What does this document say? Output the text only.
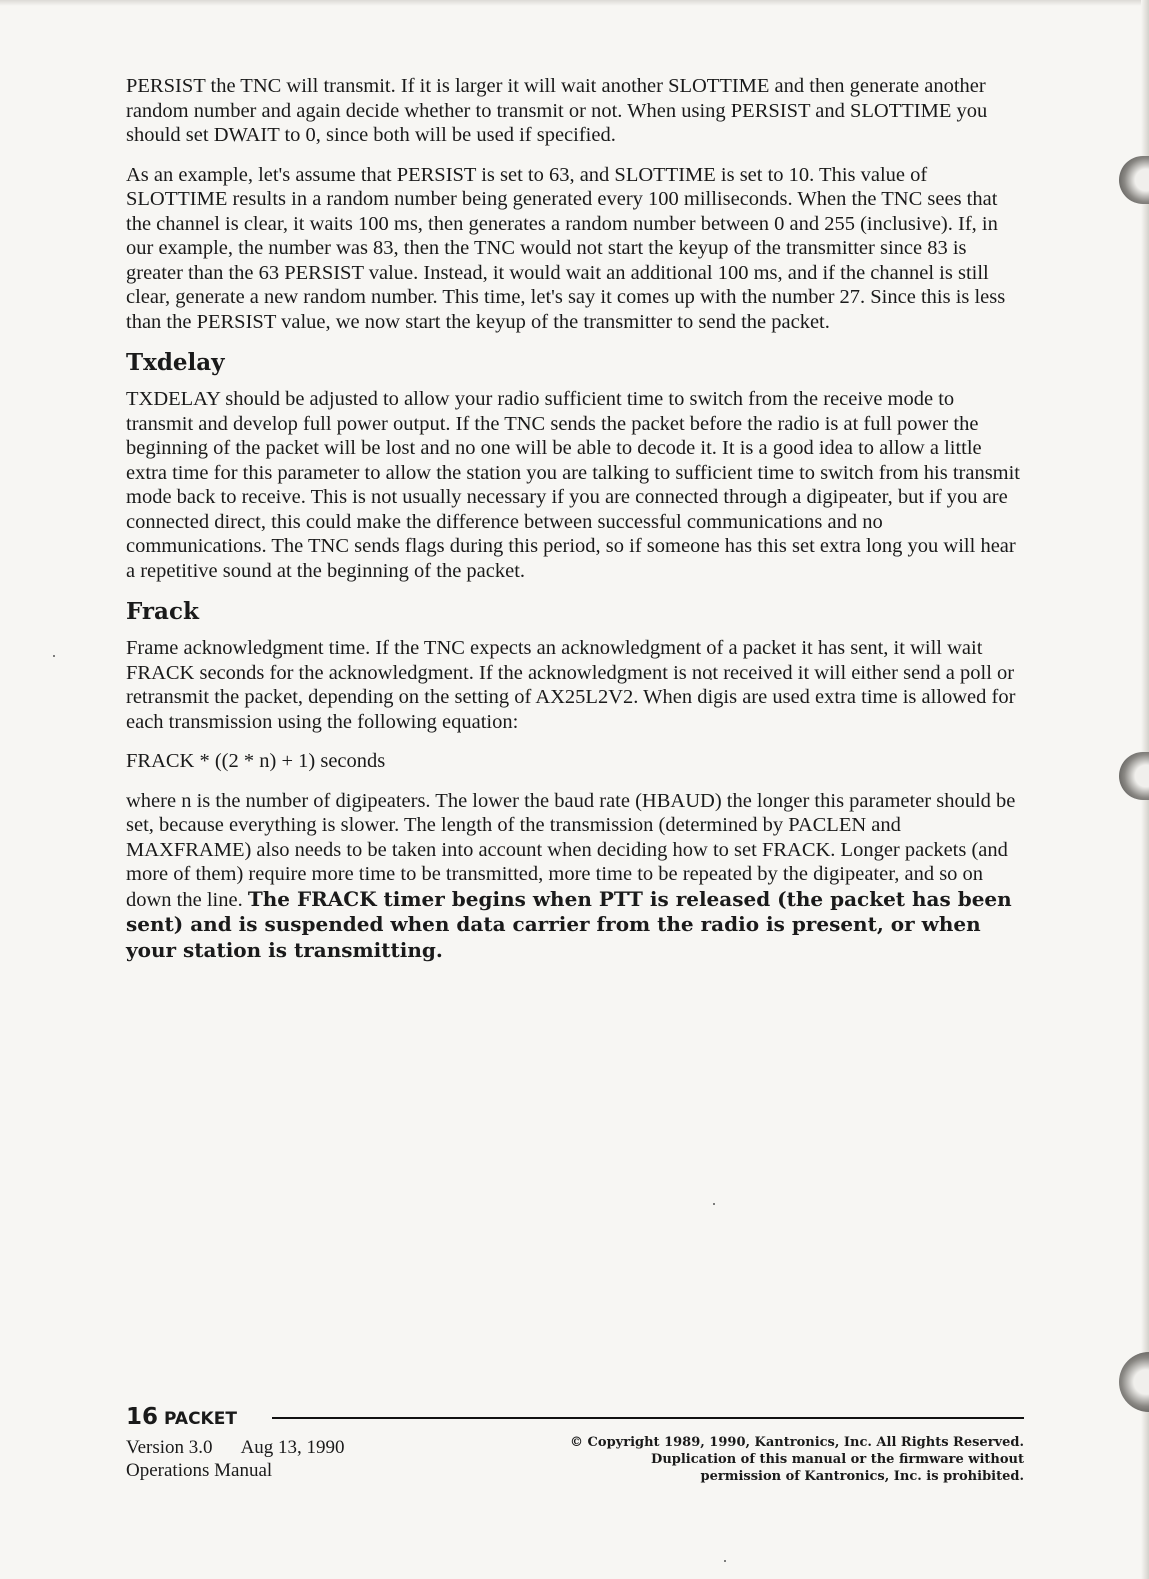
PERSIST the TNC will transmit. If it is larger it will wait another SLOTTIME and then generate another random number and again decide whether to transmit or not. When using PERSIST and SLOTTIME you should set DWAIT to 0, since both will be used if specified.

As an example, let's assume that PERSIST is set to 63, and SLOTTIME is set to 10. This value of SLOTTIME results in a random number being generated every 100 milliseconds. When the TNC sees that the channel is clear, it waits 100 ms, then generates a random number between 0 and 255 (inclusive). If, in our example, the number was 83, then the TNC would not start the keyup of the transmitter since 83 is greater than the 63 PERSIST value. Instead, it would wait an additional 100 ms, and if the channel is still clear, generate a new random number. This time, let's say it comes up with the number 27. Since this is less than the PERSIST value, we now start the keyup of the transmitter to send the packet.

Txdelay

TXDELAY should be adjusted to allow your radio sufficient time to switch from the receive mode to transmit and develop full power output. If the TNC sends the packet before the radio is at full power the beginning of the packet will be lost and no one will be able to decode it. It is a good idea to allow a little extra time for this parameter to allow the station you are talking to sufficient time to switch from his transmit mode back to receive. This is not usually necessary if you are connected through a digipeater, but if you are connected direct, this could make the difference between successful communications and no communications. The TNC sends flags during this period, so if someone has this set extra long you will hear a repetitive sound at the beginning of the packet.

Frack

Frame acknowledgment time. If the TNC expects an acknowledgment of a packet it has sent, it will wait FRACK seconds for the acknowledgment. If the acknowledgment is not received it will either send a poll or retransmit the packet, depending on the setting of AX25L2V2. When digis are used extra time is allowed for each transmission using the following equation:

FRACK * ((2 * n) + 1) seconds

where n is the number of digipeaters. The lower the baud rate (HBAUD) the longer this parameter should be set, because everything is slower. The length of the transmission (determined by PACLEN and MAXFRAME) also needs to be taken into account when deciding how to set FRACK. Longer packets (and more of them) require more time to be transmitted, more time to be repeated by the digipeater, and so on down the line. The FRACK timer begins when PTT is released (the packet has been sent) and is suspended when data carrier from the radio is present, or when your station is transmitting.

16 PACKET
Version 3.0 Aug 13, 1990
Operations Manual
© Copyright 1989, 1990, Kantronics, Inc. All Rights Reserved.
Duplication of this manual or the firmware without
permission of Kantronics, Inc. is prohibited.
